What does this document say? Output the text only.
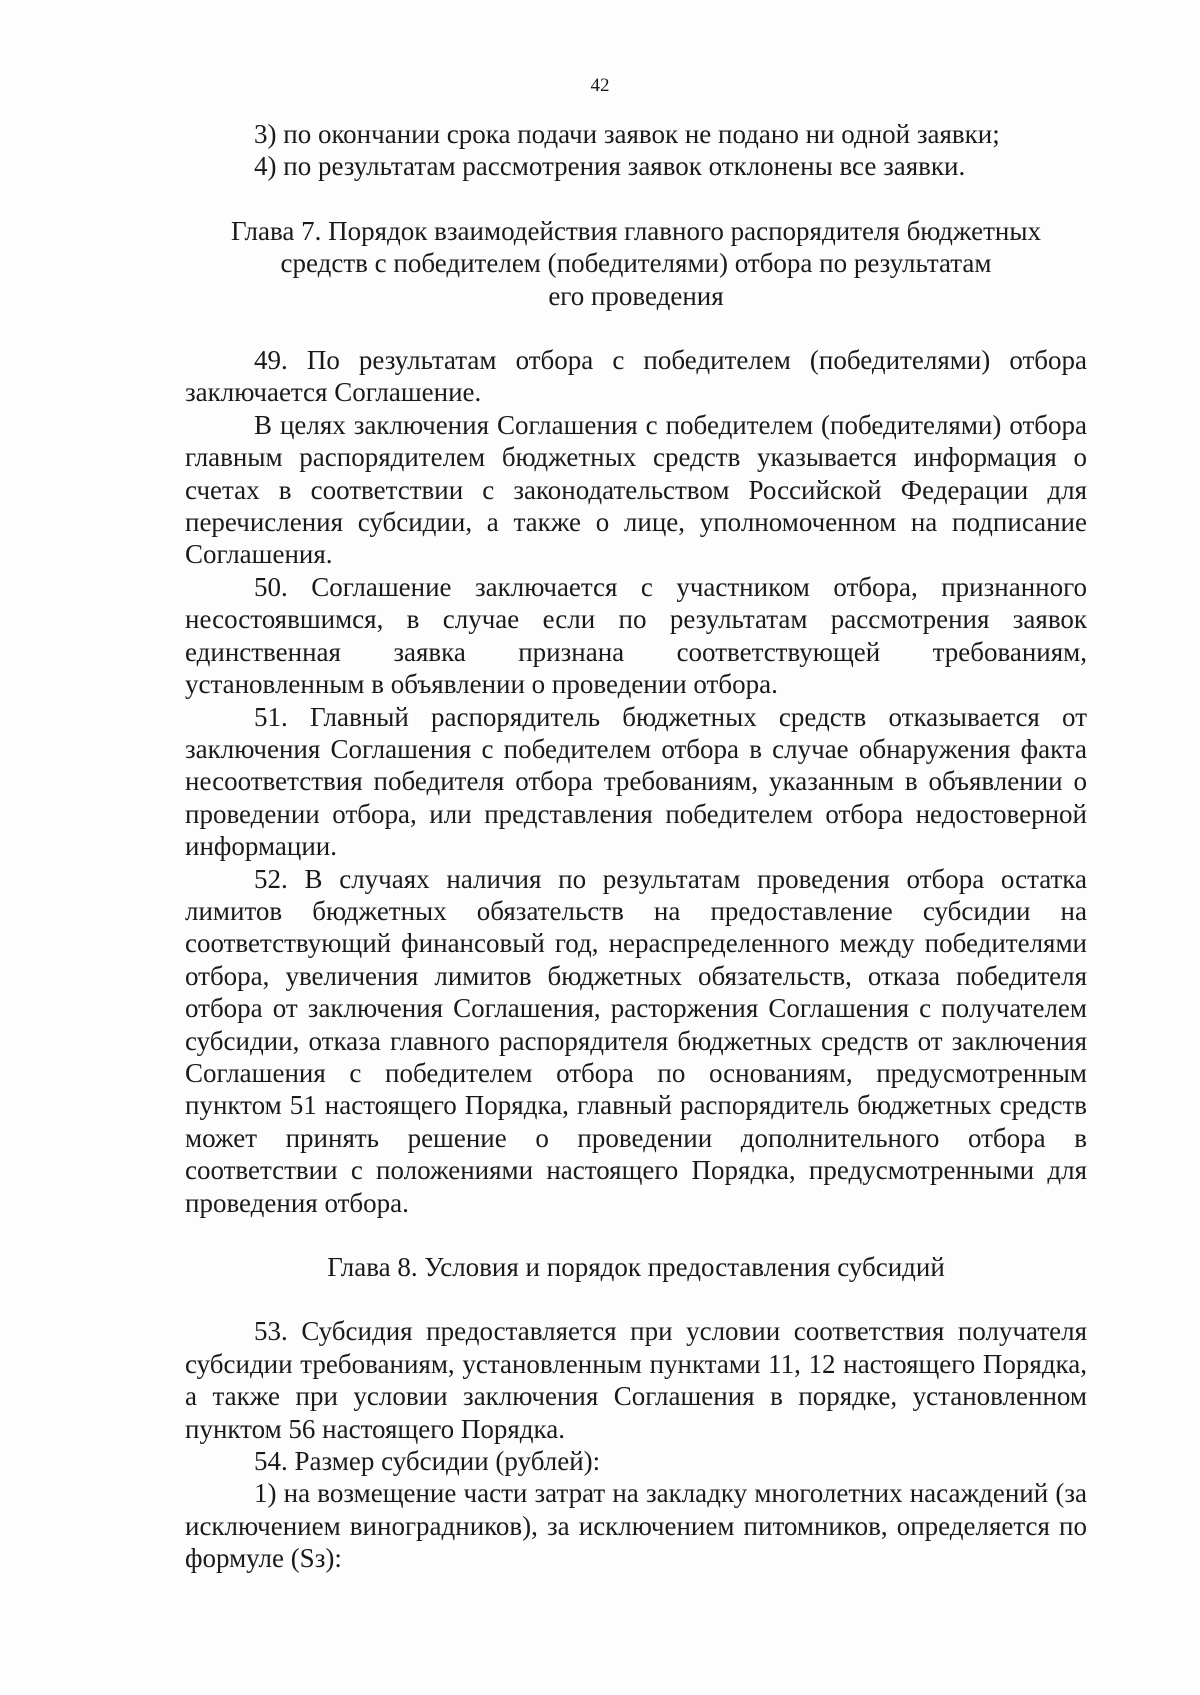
42

3) по окончании срока подачи заявок не подано ни одной заявки;

4) по результатам рассмотрения заявок отклонены все заявки.

Глава 7. Порядок взаимодействия главного распорядителя бюджетных
средств с победителем (победителями) отбора по результатам
его проведения

49. По результатам отбора с победителем (победителями) отбора заключается Соглашение.

В целях заключения Соглашения с победителем (победителями) отбора главным распорядителем бюджетных средств указывается информация о счетах в соответствии с законодательством Российской Федерации для перечисления субсидии, а также о лице, уполномоченном на подписание Соглашения.

50. Соглашение заключается с участником отбора, признанного несостоявшимся, в случае если по результатам рассмотрения заявок единственная заявка признана соответствующей требованиям, установленным в объявлении о проведении отбора.

51. Главный распорядитель бюджетных средств отказывается от заключения Соглашения с победителем отбора в случае обнаружения факта несоответствия победителя отбора требованиям, указанным в объявлении о проведении отбора, или представления победителем отбора недостоверной информации.

52. В случаях наличия по результатам проведения отбора остатка лимитов бюджетных обязательств на предоставление субсидии на соответствующий финансовый год, нераспределенного между победителями отбора, увеличения лимитов бюджетных обязательств, отказа победителя отбора от заключения Соглашения, расторжения Соглашения с получателем субсидии, отказа главного распорядителя бюджетных средств от заключения Соглашения с победителем отбора по основаниям, предусмотренным пунктом 51 настоящего Порядка, главный распорядитель бюджетных средств может принять решение о проведении дополнительного отбора в соответствии с положениями настоящего Порядка, предусмотренными для проведения отбора.

Глава 8. Условия и порядок предоставления субсидий

53. Субсидия предоставляется при условии соответствия получателя субсидии требованиям, установленным пунктами 11, 12 настоящего Порядка, а также при условии заключения Соглашения в порядке, установленном пунктом 56 настоящего Порядка.

54. Размер субсидии (рублей):

1) на возмещение части затрат на закладку многолетних насаждений (за исключением виноградников), за исключением питомников, определяется по формуле (Sз):
